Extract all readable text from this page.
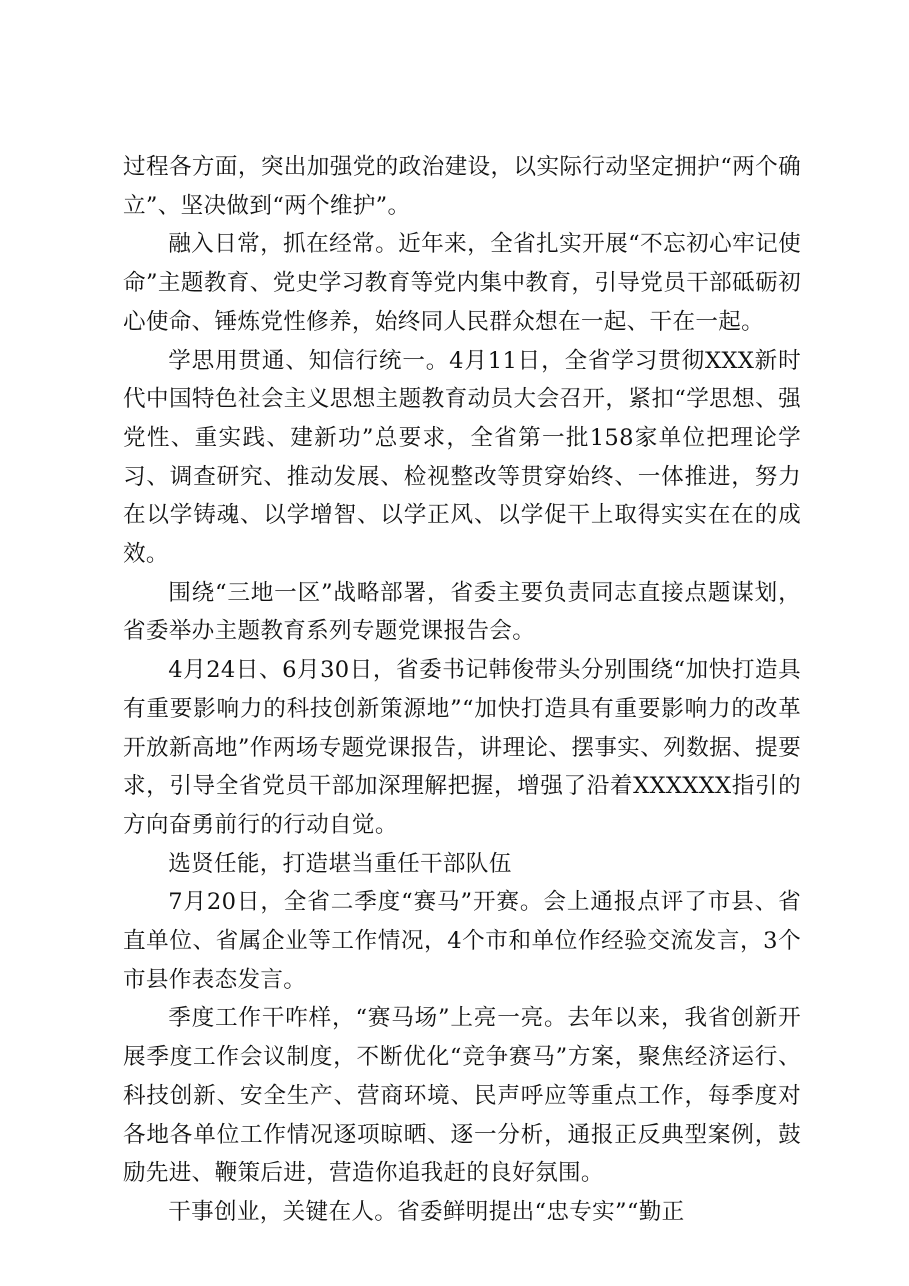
过程各方面，突出加强党的政治建设，以实际行动坚定拥护“两个确立”、坚决做到“两个维护”。

融入日常，抓在经常。近年来，全省扎实开展“不忘初心牢记使命”主题教育、党史学习教育等党内集中教育，引导党员干部砥砺初心使命、锤炼党性修养，始终同人民群众想在一起、干在一起。

学思用贯通、知信行统一。4月11日，全省学习贯彻XXX新时代中国特色社会主义思想主题教育动员大会召开，紧扣“学思想、强党性、重实践、建新功”总要求，全省第一批158家单位把理论学习、调查研究、推动发展、检视整改等贯穿始终、一体推进，努力在以学铸魂、以学增智、以学正风、以学促干上取得实实在在的成效。

围绕“三地一区”战略部署，省委主要负责同志直接点题谋划，省委举办主题教育系列专题党课报告会。

4月24日、6月30日，省委书记韩俊带头分别围绕“加快打造具有重要影响力的科技创新策源地”“加快打造具有重要影响力的改革开放新高地”作两场专题党课报告，讲理论、摆事实、列数据、提要求，引导全省党员干部加深理解把握，增强了沿着XXXXXX指引的方向奋勇前行的行动自觉。

选贤任能，打造堪当重任干部队伍

7月20日，全省二季度“赛马”开赛。会上通报点评了市县、省直单位、省属企业等工作情况，4个市和单位作经验交流发言，3个市县作表态发言。

季度工作干咋样，“赛马场”上亮一亮。去年以来，我省创新开展季度工作会议制度，不断优化“竞争赛马”方案，聚焦经济运行、科技创新、安全生产、营商环境、民声呼应等重点工作，每季度对各地各单位工作情况逐项晾晒、逐一分析，通报正反典型案例，鼓励先进、鞭策后进，营造你追我赶的良好氛围。

干事创业，关键在人。省委鲜明提出“忠专实”“勤正
